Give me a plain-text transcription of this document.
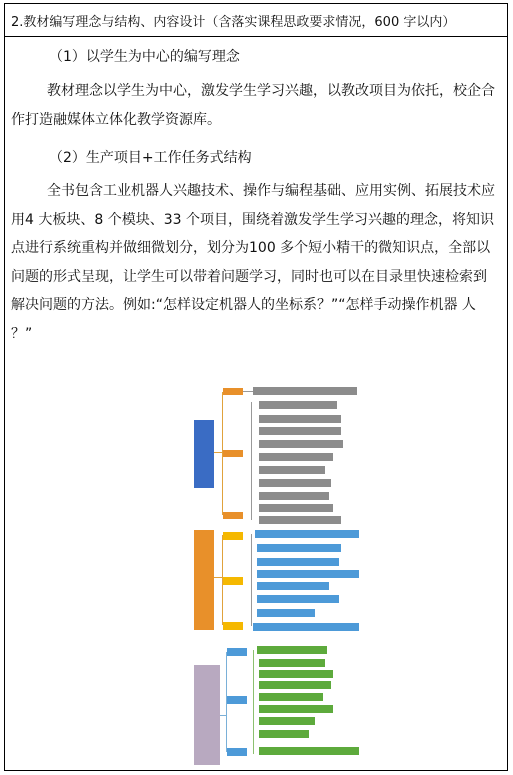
2.教材编写理念与结构、内容设计（含落实课程思政要求情况，600 字以内）
（1）以学生为中心的编写理念

教材理念以学生为中心，激发学生学习兴趣，以教改项目为依托，校企合
作打造融媒体立体化教学资源库。

（2）生产项目+工作任务式结构

全书包含工业机器人兴趣技术、操作与编程基础、应用实例、拓展技术应
用4 大板块、8 个模块、33 个项目，围绕着激发学生学习兴趣的理念，将知识
点进行系统重构并做细微划分，划分为100 多个短小精干的微知识点，全部以
问题的形式呈现，让学生可以带着问题学习，同时也可以在目录里快速检索到
解决问题的方法。例如:“怎样设定机器人的坐标系？”“怎样手动操作机器 人
？”
